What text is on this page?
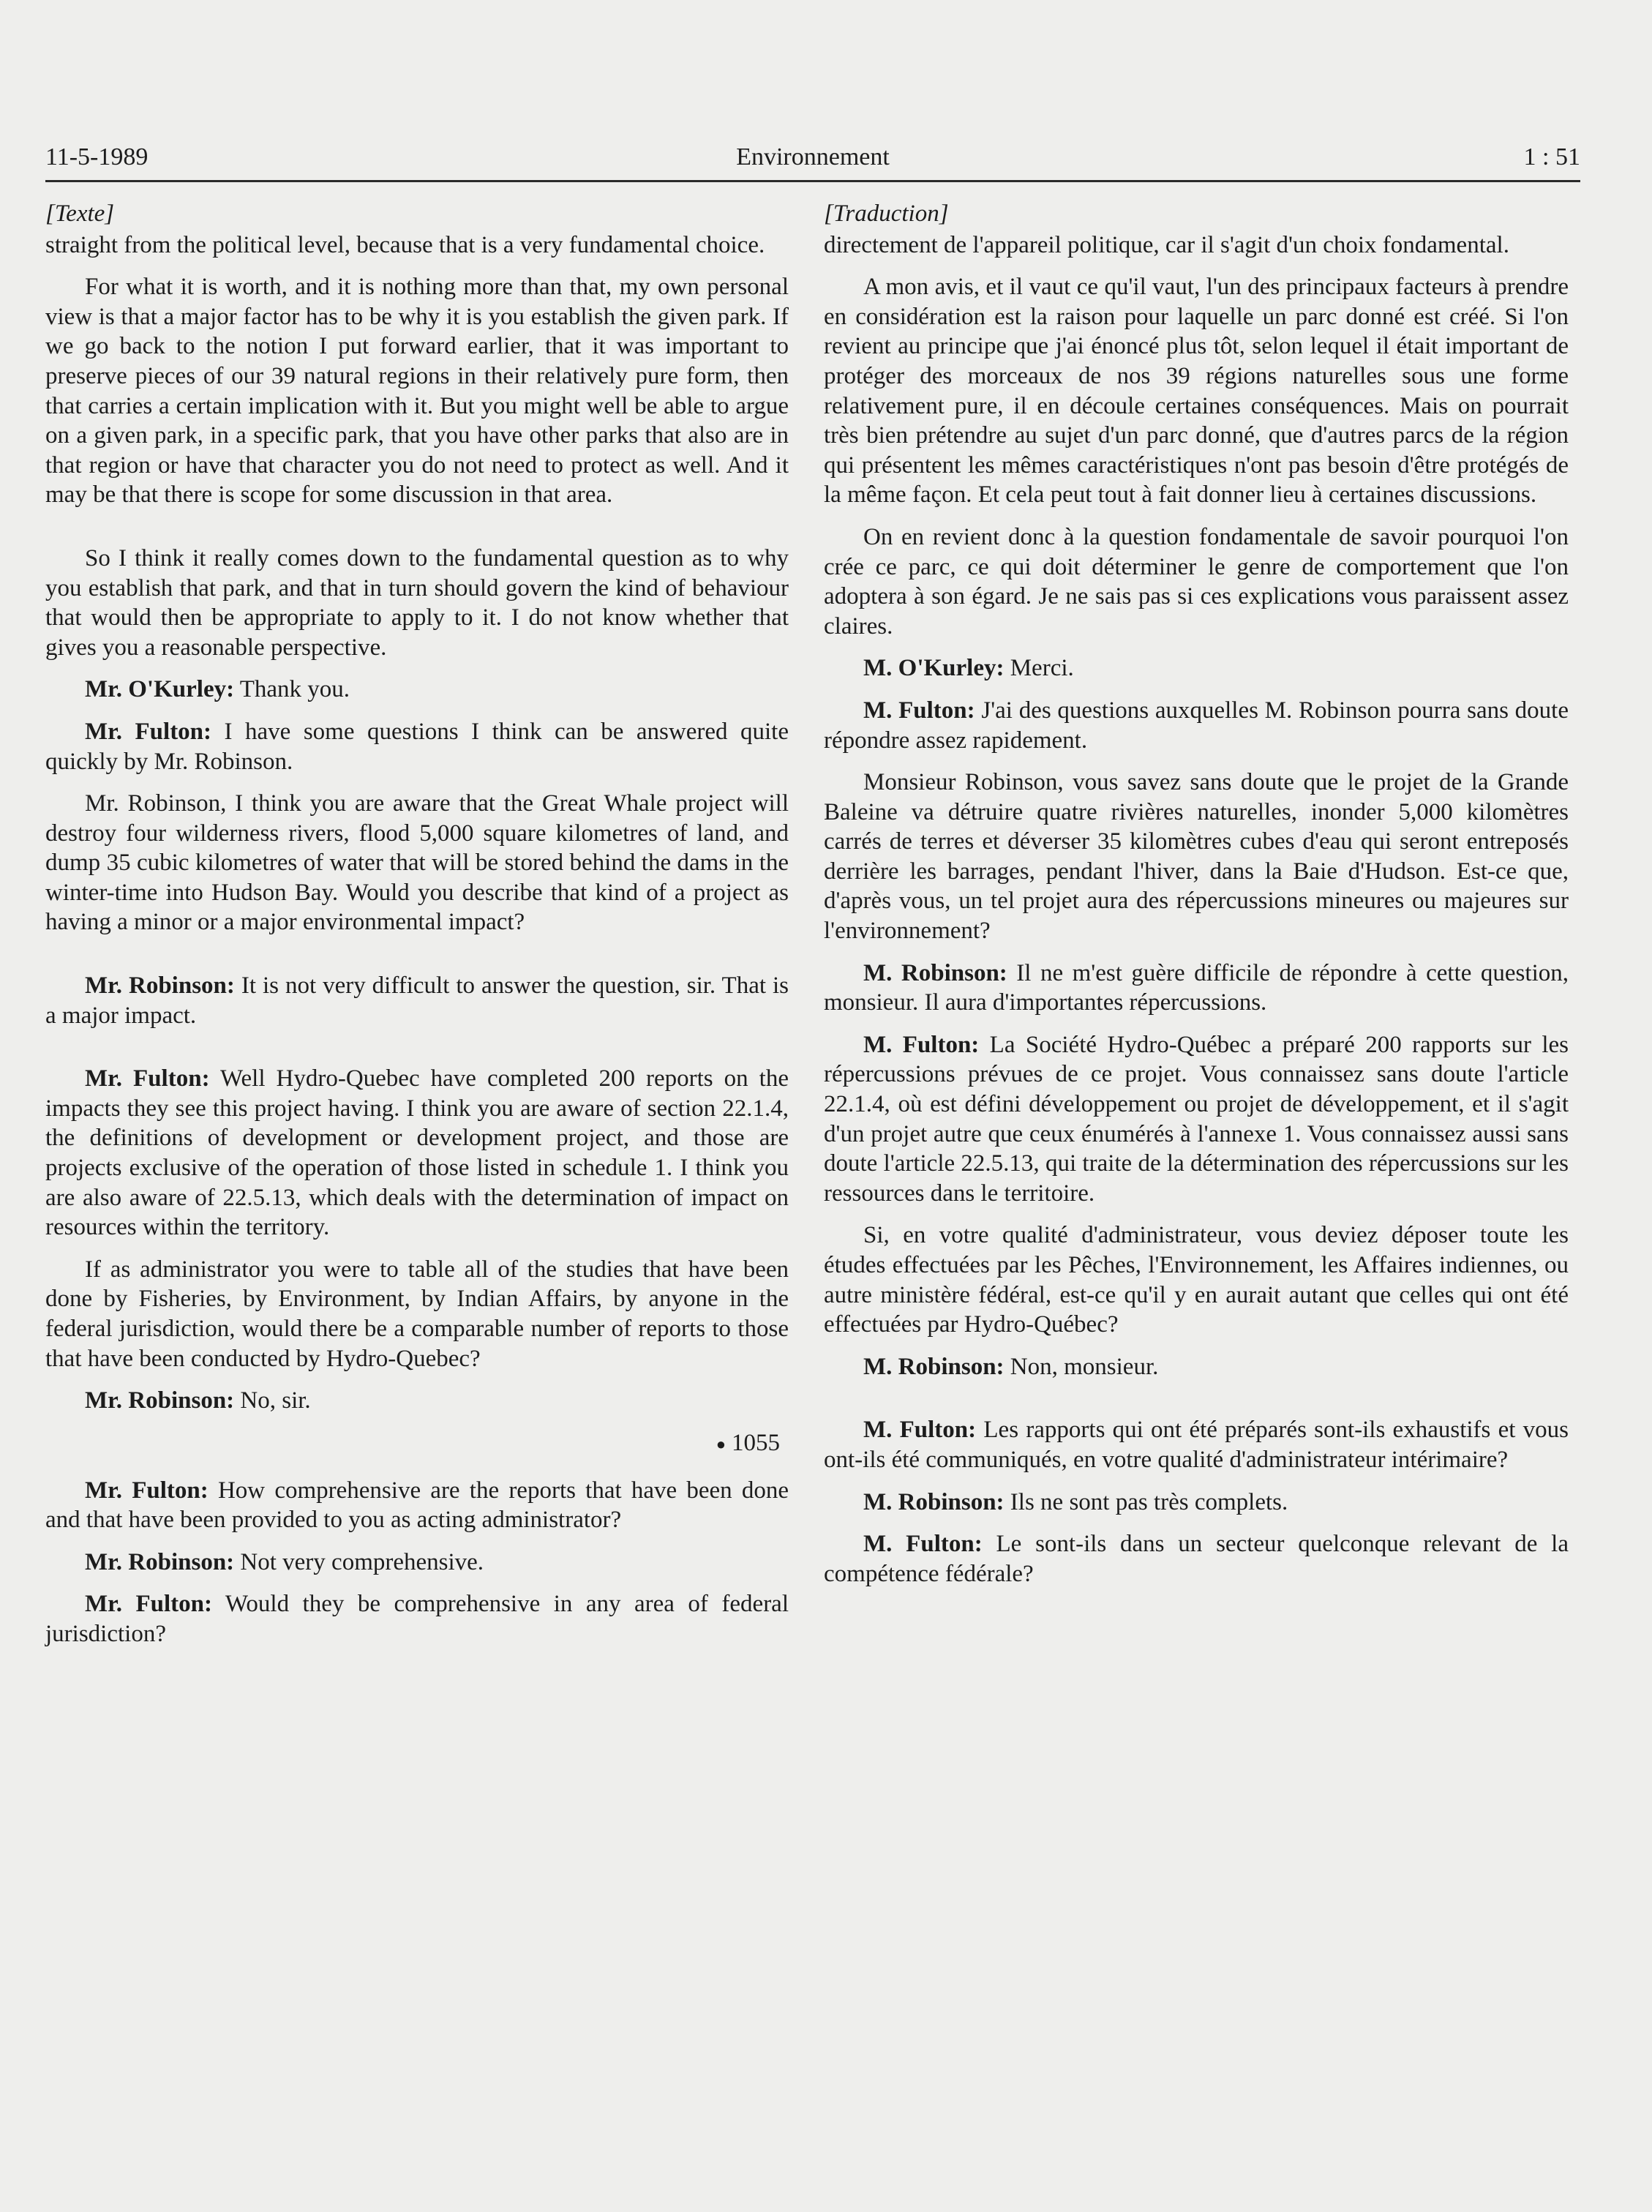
11-5-1989	Environnement	1 : 51
[Texte]

straight from the political level, because that is a very fundamental choice.

For what it is worth, and it is nothing more than that, my own personal view is that a major factor has to be why it is you establish the given park. If we go back to the notion I put forward earlier, that it was important to preserve pieces of our 39 natural regions in their relatively pure form, then that carries a certain implication with it. But you might well be able to argue on a given park, in a specific park, that you have other parks that also are in that region or have that character you do not need to protect as well. And it may be that there is scope for some discussion in that area.

So I think it really comes down to the fundamental question as to why you establish that park, and that in turn should govern the kind of behaviour that would then be appropriate to apply to it. I do not know whether that gives you a reasonable perspective.

Mr. O'Kurley: Thank you.

Mr. Fulton: I have some questions I think can be answered quite quickly by Mr. Robinson.

Mr. Robinson, I think you are aware that the Great Whale project will destroy four wilderness rivers, flood 5,000 square kilometres of land, and dump 35 cubic kilometres of water that will be stored behind the dams in the winter-time into Hudson Bay. Would you describe that kind of a project as having a minor or a major environmental impact?

Mr. Robinson: It is not very difficult to answer the question, sir. That is a major impact.

Mr. Fulton: Well Hydro-Quebec have completed 200 reports on the impacts they see this project having. I think you are aware of section 22.1.4, the definitions of development or development project, and those are projects exclusive of the operation of those listed in schedule 1. I think you are also aware of 22.5.13, which deals with the determination of impact on resources within the territory.

If as administrator you were to table all of the studies that have been done by Fisheries, by Environment, by Indian Affairs, by anyone in the federal jurisdiction, would there be a comparable number of reports to those that have been conducted by Hydro-Quebec?

Mr. Robinson: No, sir.

● 1055

Mr. Fulton: How comprehensive are the reports that have been done and that have been provided to you as acting administrator?

Mr. Robinson: Not very comprehensive.

Mr. Fulton: Would they be comprehensive in any area of federal jurisdiction?

[Traduction]

directement de l'appareil politique, car il s'agit d'un choix fondamental.

A mon avis, et il vaut ce qu'il vaut, l'un des principaux facteurs à prendre en considération est la raison pour laquelle un parc donné est créé. Si l'on revient au principe que j'ai énoncé plus tôt, selon lequel il était important de protéger des morceaux de nos 39 régions naturelles sous une forme relativement pure, il en découle certaines conséquences. Mais on pourrait très bien prétendre au sujet d'un parc donné, que d'autres parcs de la région qui présentent les mêmes caractéristiques n'ont pas besoin d'être protégés de la même façon. Et cela peut tout à fait donner lieu à certaines discussions.

On en revient donc à la question fondamentale de savoir pourquoi l'on crée ce parc, ce qui doit déterminer le genre de comportement que l'on adoptera à son égard. Je ne sais pas si ces explications vous paraissent assez claires.

M. O'Kurley: Merci.

M. Fulton: J'ai des questions auxquelles M. Robinson pourra sans doute répondre assez rapidement.

Monsieur Robinson, vous savez sans doute que le projet de la Grande Baleine va détruire quatre rivières naturelles, inonder 5,000 kilomètres carrés de terres et déverser 35 kilomètres cubes d'eau qui seront entreposés derrière les barrages, pendant l'hiver, dans la Baie d'Hudson. Est-ce que, d'après vous, un tel projet aura des répercussions mineures ou majeures sur l'environnement?

M. Robinson: Il ne m'est guère difficile de répondre à cette question, monsieur. Il aura d'importantes répercussions.

M. Fulton: La Société Hydro-Québec a préparé 200 rapports sur les répercussions prévues de ce projet. Vous connaissez sans doute l'article 22.1.4, où est défini développement ou projet de développement, et il s'agit d'un projet autre que ceux énumérés à l'annexe 1. Vous connaissez aussi sans doute l'article 22.5.13, qui traite de la détermination des répercussions sur les ressources dans le territoire.

Si, en votre qualité d'administrateur, vous deviez déposer toute les études effectuées par les Pêches, l'Environnement, les Affaires indiennes, ou autre ministère fédéral, est-ce qu'il y en aurait autant que celles qui ont été effectuées par Hydro-Québec?

M. Robinson: Non, monsieur.

M. Fulton: Les rapports qui ont été préparés sont-ils exhaustifs et vous ont-ils été communiqués, en votre qualité d'administrateur intérimaire?

M. Robinson: Ils ne sont pas très complets.

M. Fulton: Le sont-ils dans un secteur quelconque relevant de la compétence fédérale?
